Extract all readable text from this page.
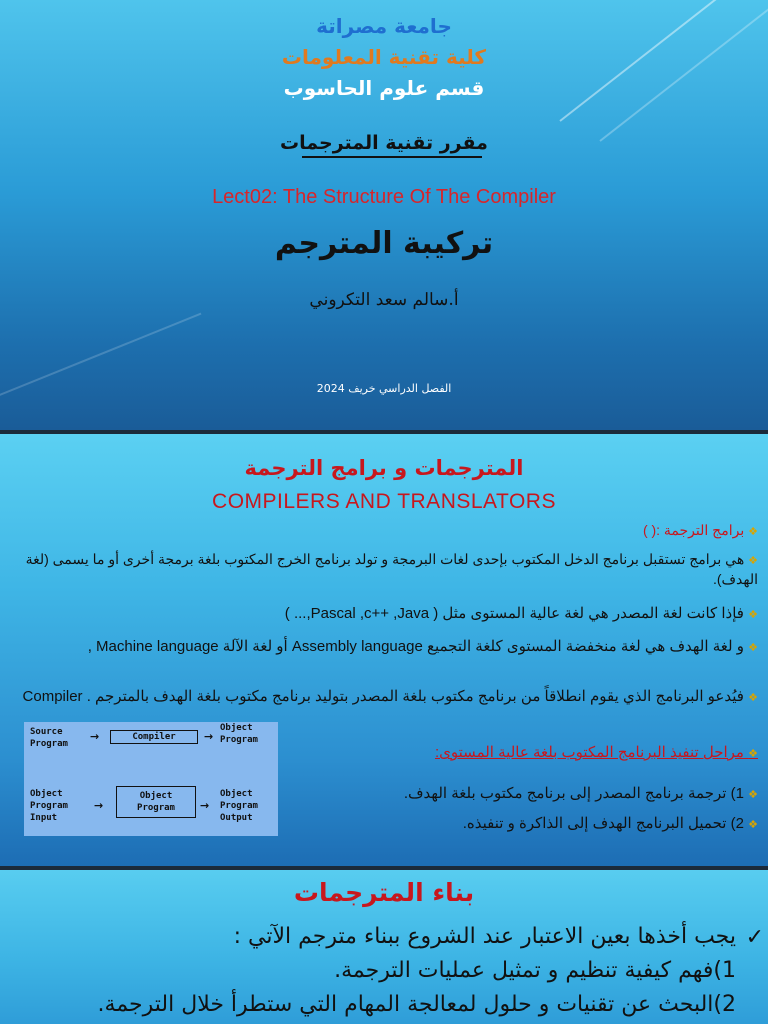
جامعة مصراتة
كلية تقنية المعلومات
قسم علوم الحاسوب
مقرر تقنية المترجمات
Lect02: The Structure Of The Compiler
تركيبة المترجم
أ.سالم سعد التكروني
الفصل الدراسي خريف 2024
المترجمات و برامج الترجمة
COMPILERS AND TRANSLATORS
❖ برامج الترجمة :( )
❖ هي برامج تستقبل برنامج الدخل المكتوب بإحدى لغات البرمجة و تولد برنامج الخرج المكتوب بلغة برمجة أخرى أو ما يسمى (لغة الهدف).
❖ فإذا كانت لغة المصدر هي لغة عالية المستوى مثل ( Pascal ,c++ ,Java,... )
❖ و لغة الهدف هي لغة منخفضة المستوى كلغة التجميع Assembly language أو لغة الآلة Machine language ,
❖ فيُدعو البرنامج الذي يقوم انطلاقاً من برنامج مكتوب بلغة المصدر بتوليد برنامج مكتوب بلغة الهدف بالمترجم . Compiler
❖ مراحل تنفيذ البرنامج المكتوب بلغة عالية المستوى:
❖ 1) ترجمة برنامج المصدر إلى برنامج مكتوب بلغة الهدف.
❖ 2) تحميل البرنامج الهدف إلى الذاكرة و تنفيذه.
Source
Program
→	Compiler	→
Object
Program
Object
Program
Input
→
Object
Program	→
Object
Program
Output
بناء المترجمات
✓
يجب أخذها بعين الاعتبار عند الشروع ببناء مترجم الآتي :
1)فهم كيفية تنظيم و تمثيل عمليات الترجمة.
2)البحث عن تقنيات و حلول لمعالجة المهام التي ستطرأ خلال الترجمة.
